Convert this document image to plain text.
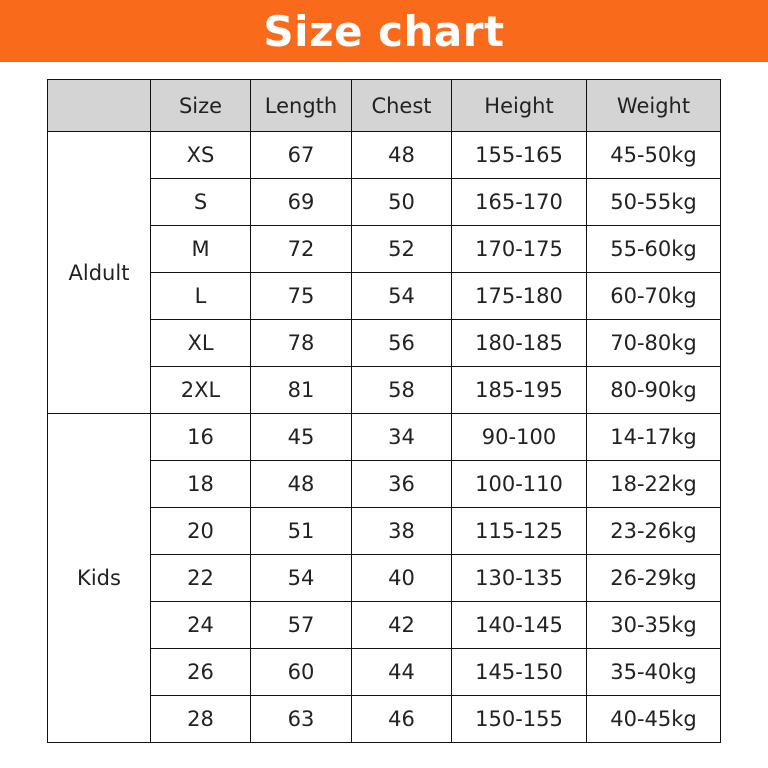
Size chart
	Size	Length	Chest	Height	Weight
Aldult	XS	67	48	155-165	45-50kg
	S	69	50	165-170	50-55kg
	M	72	52	170-175	55-60kg
	L	75	54	175-180	60-70kg
	XL	78	56	180-185	70-80kg
	2XL	81	58	185-195	80-90kg
Kids	16	45	34	90-100	14-17kg
	18	48	36	100-110	18-22kg
	20	51	38	115-125	23-26kg
	22	54	40	130-135	26-29kg
	24	57	42	140-145	30-35kg
	26	60	44	145-150	35-40kg
	28	63	46	150-155	40-45kg
